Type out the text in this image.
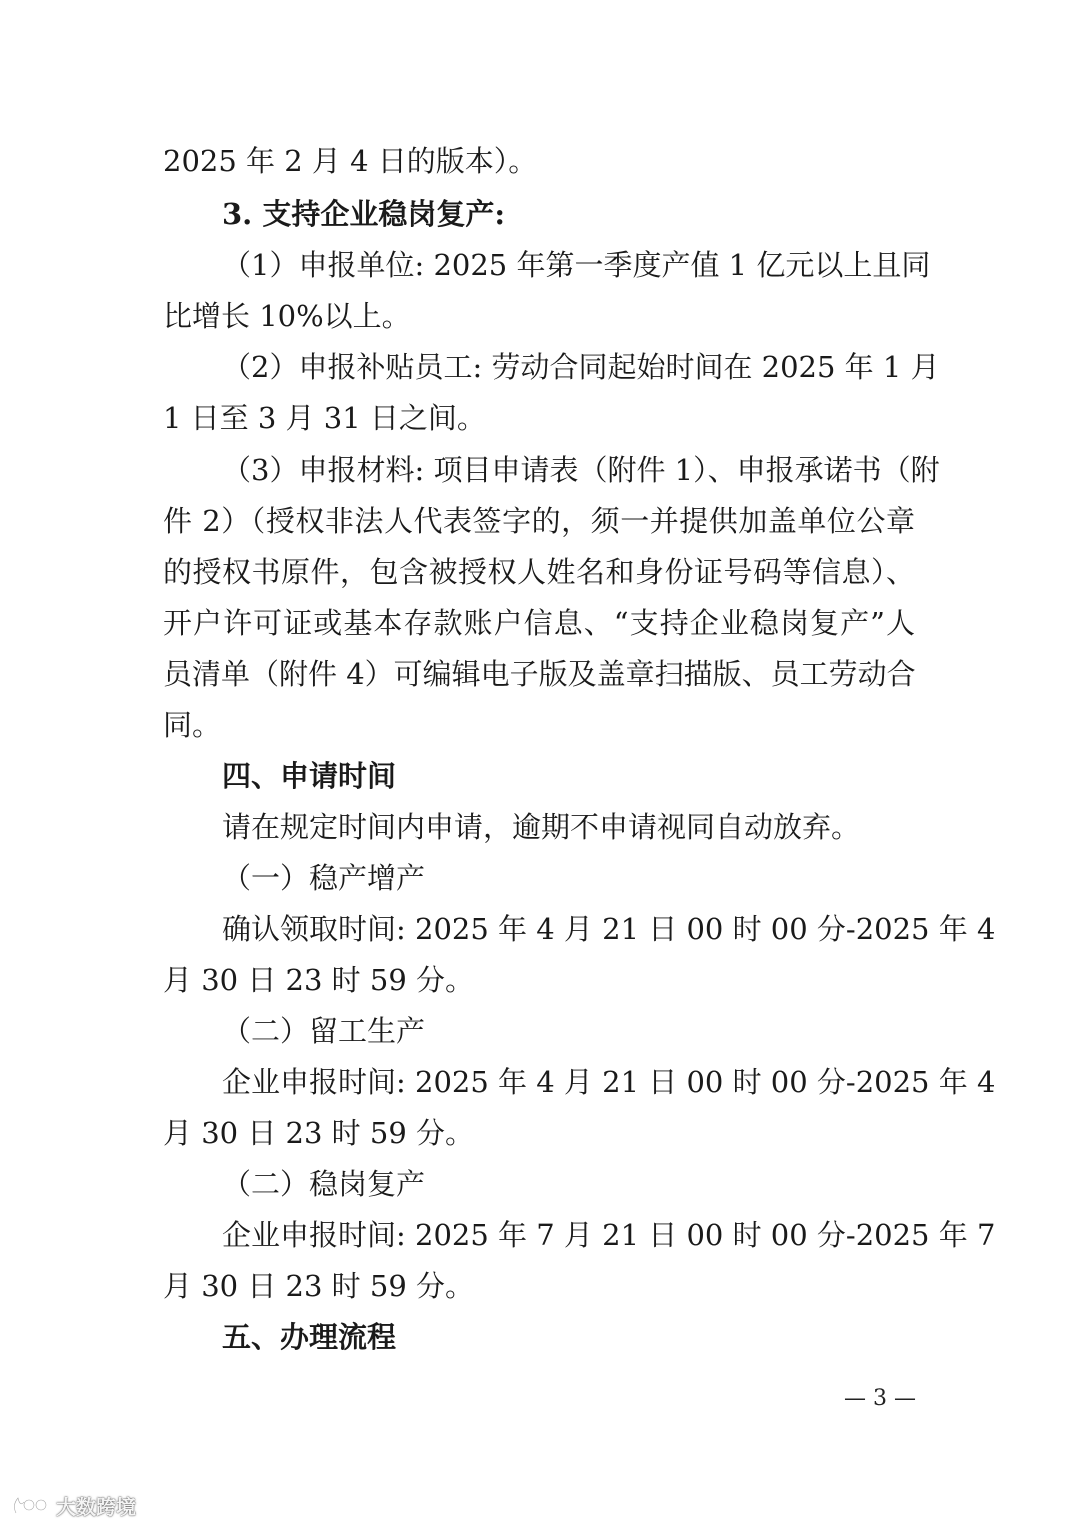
2025 年 2 月 4 日的版本）。
3. 支持企业稳岗复产:
（1）申报单位: 2025 年第一季度产值 1 亿元以上且同
比增长 10%以上。
（2）申报补贴员工: 劳动合同起始时间在 2025 年 1 月
1 日至 3 月 31 日之间。
（3）申报材料: 项目申请表（附件 1）、申报承诺书（附
件 2）（授权非法人代表签字的，须一并提供加盖单位公章
的授权书原件，包含被授权人姓名和身份证号码等信息）、
开户许可证或基本存款账户信息、“支持企业稳岗复产”人
员清单（附件 4）可编辑电子版及盖章扫描版、员工劳动合
同。
四、申请时间
请在规定时间内申请，逾期不申请视同自动放弃。
（一）稳产增产
确认领取时间: 2025 年 4 月 21 日 00 时 00 分-2025 年 4
月 30 日 23 时 59 分。
（二）留工生产
企业申报时间: 2025 年 4 月 21 日 00 时 00 分-2025 年 4
月 30 日 23 时 59 分。
（二）稳岗复产
企业申报时间: 2025 年 7 月 21 日 00 时 00 分-2025 年 7
月 30 日 23 时 59 分。
五、办理流程
— 3 —
大数跨境
